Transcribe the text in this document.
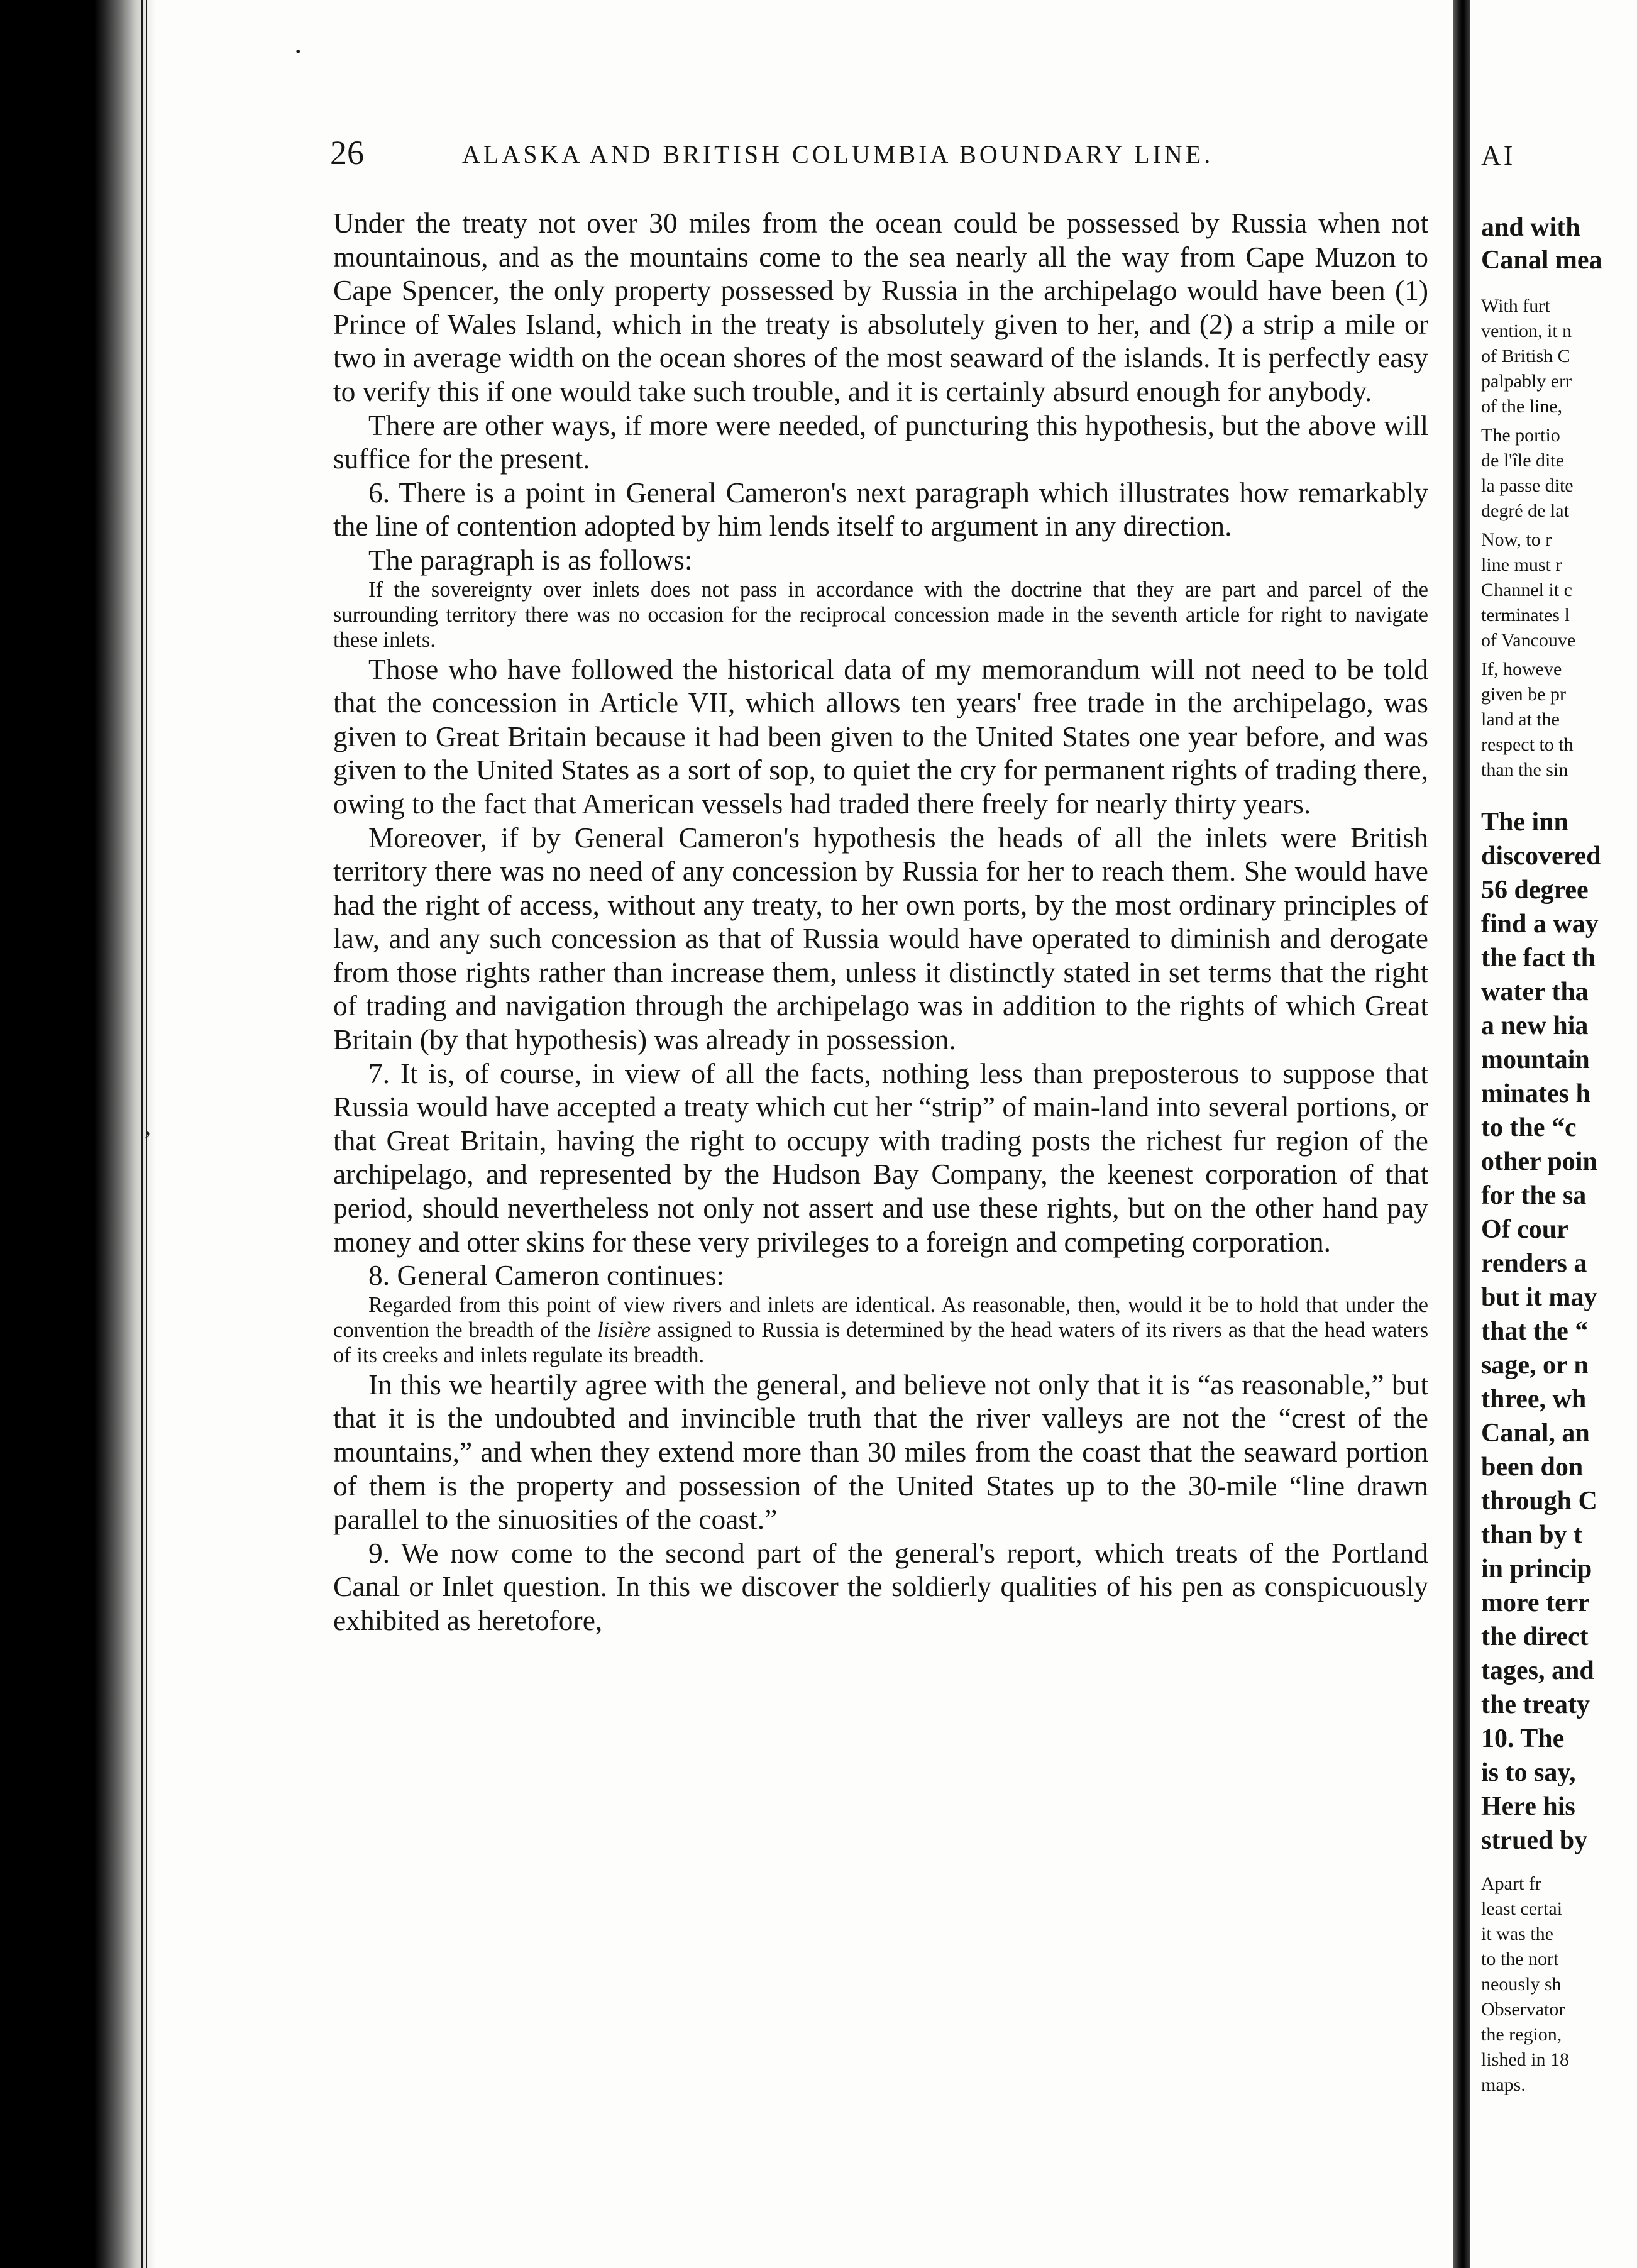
•
’
26	ALASKA AND BRITISH COLUMBIA BOUNDARY LINE.

Under the treaty not over 30 miles from the ocean could be possessed by Russia when not mountainous, and as the mountains come to the sea nearly all the way from Cape Muzon to Cape Spencer, the only property possessed by Russia in the archipelago would have been (1) Prince of Wales Island, which in the treaty is absolutely given to her, and (2) a strip a mile or two in average width on the ocean shores of the most seaward of the islands. It is perfectly easy to verify this if one would take such trouble, and it is certainly absurd enough for anybody.

There are other ways, if more were needed, of puncturing this hypothesis, but the above will suffice for the present.

6. There is a point in General Cameron's next paragraph which illustrates how remarkably the line of contention adopted by him lends itself to argument in any direction.

The paragraph is as follows:

If the sovereignty over inlets does not pass in accordance with the doctrine that they are part and parcel of the surrounding territory there was no occasion for the reciprocal concession made in the seventh article for right to navigate these inlets.

Those who have followed the historical data of my memorandum will not need to be told that the concession in Article VII, which allows ten years' free trade in the archipelago, was given to Great Britain because it had been given to the United States one year before, and was given to the United States as a sort of sop, to quiet the cry for permanent rights of trading there, owing to the fact that American vessels had traded there freely for nearly thirty years.

Moreover, if by General Cameron's hypothesis the heads of all the inlets were British territory there was no need of any concession by Russia for her to reach them. She would have had the right of access, without any treaty, to her own ports, by the most ordinary principles of law, and any such concession as that of Russia would have operated to diminish and derogate from those rights rather than increase them, unless it distinctly stated in set terms that the right of trading and navigation through the archipelago was in addition to the rights of which Great Britain (by that hypothesis) was already in possession.

7. It is, of course, in view of all the facts, nothing less than preposterous to suppose that Russia would have accepted a treaty which cut her “strip” of main-land into several portions, or that Great Britain, having the right to occupy with trading posts the richest fur region of the archipelago, and represented by the Hudson Bay Company, the keenest corporation of that period, should nevertheless not only not assert and use these rights, but on the other hand pay money and otter skins for these very privileges to a foreign and competing corporation.

8. General Cameron continues:

Regarded from this point of view rivers and inlets are identical. As reasonable, then, would it be to hold that under the convention the breadth of the lisière assigned to Russia is determined by the head waters of its rivers as that the head waters of its creeks and inlets regulate its breadth.

In this we heartily agree with the general, and believe not only that it is “as reasonable,” but that it is the undoubted and invincible truth that the river valleys are not the “crest of the mountains,” and when they extend more than 30 miles from the coast that the seaward portion of them is the property and possession of the United States up to the 30-mile “line drawn parallel to the sinuosities of the coast.”

9. We now come to the second part of the general's report, which treats of the Portland Canal or Inlet question. In this we discover the soldierly qualities of his pen as conspicuously exhibited as heretofore,

AI
and with
Canal mea
With furt
vention, it n
of British C
palpably err
of the line,
The portio
de l'île dite
la passe dite
degré de lat
Now, to r
line must r
Channel it c
terminates l
of Vancouve
If, howeve
given be pr
land at the
respect to th
than the sin
The inn
discovered
56 degree
find a way
the fact th
water tha
a new hia
mountain
minates h
to the “c
other poin
for the sa
Of cour
renders a
but it may
that the “
sage, or n
three, wh
Canal, an
been don
through C
than by t
in princip
more terr
the direct
tages, and
the treaty
10. The
is to say,
Here his
strued by
Apart fr
least certai
it was the
to the nort
neously sh
Observator
the region,
lished in 18
maps.
